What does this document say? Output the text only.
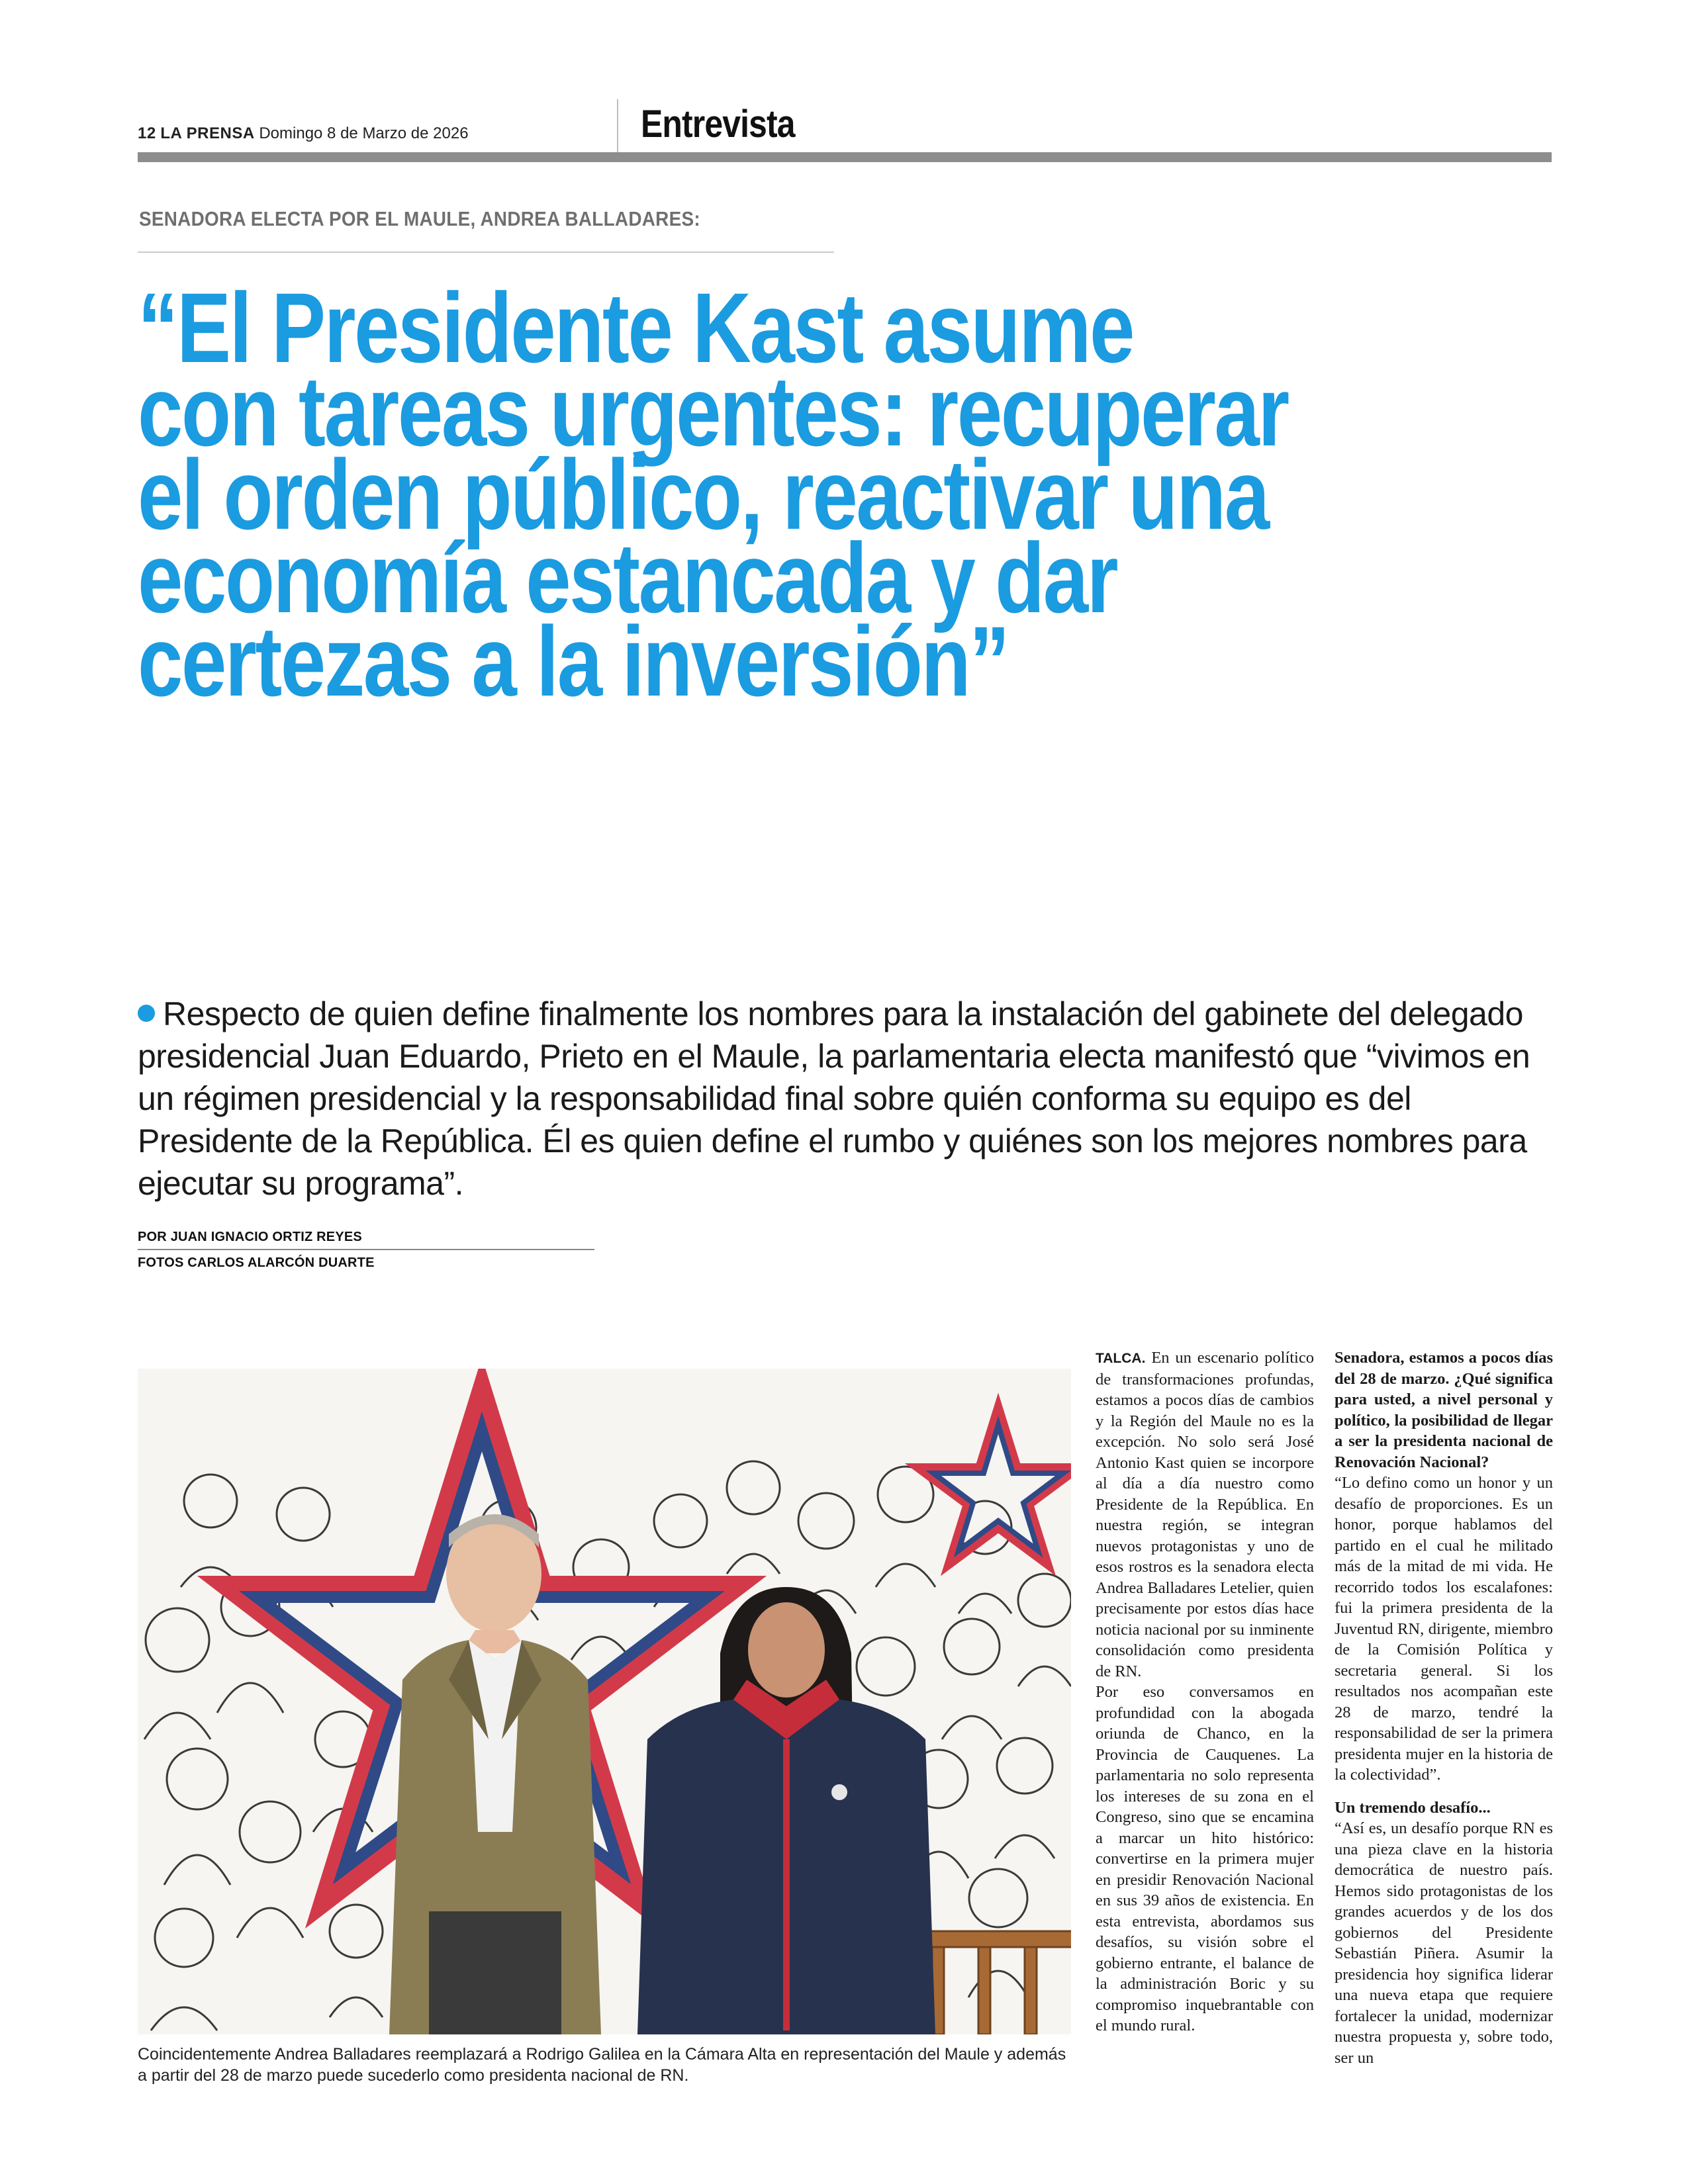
12 LA PRENSA Domingo 8 de Marzo de 2026	Entrevista
SENADORA ELECTA POR EL MAULE, ANDREA BALLADARES:
“El Presidente Kast asume
con tareas urgentes: recuperar
el orden público, reactivar una
economía estancada y dar
certezas a la inversión”

Respecto de quien define finalmente los nombres para la instalación del gabinete del delegado presidencial Juan Eduardo, Prieto en el Maule, la parlamentaria electa manifestó que “vivimos en un régimen presidencial y la responsabilidad final sobre quién conforma su equipo es del Presidente de la República. Él es quien define el rumbo y quiénes son los mejores nombres para ejecutar su programa”.

POR JUAN IGNACIO ORTIZ REYES
FOTOS CARLOS ALARCÓN DUARTE

Coincidentemente Andrea Balladares reemplazará a Rodrigo Galilea en la Cámara Alta en representación del Maule y además a partir del 28 de marzo puede sucederlo como presidenta nacional de RN.

TALCA. En un escenario político de transformaciones profundas, estamos a pocos días de cambios y la Región del Maule no es la excepción. No solo será José Antonio Kast quien se incorpore al día a día nuestro como Presidente de la República. En nuestra región, se integran nuevos protagonistas y uno de esos rostros es la senadora electa Andrea Balladares Letelier, quien precisamente por estos días hace noticia nacional por su inminente consolidación como presidenta de RN.

Por eso conversamos en profundidad con la abogada oriunda de Chanco, en la Provincia de Cauquenes. La parlamentaria no solo representa los intereses de su zona en el Congreso, sino que se encamina a marcar un hito histórico: convertirse en la primera mujer en presidir Renovación Nacional en sus 39 años de existencia. En esta entrevista, abordamos sus desafíos, su visión sobre el gobierno entrante, el balance de la administración Boric y su compromiso inquebrantable con el mundo rural.

Senadora, estamos a pocos días del 28 de marzo. ¿Qué significa para usted, a nivel personal y político, la posibilidad de llegar a ser la presidenta nacional de Renovación Nacional?

“Lo defino como un honor y un desafío de proporciones. Es un honor, porque hablamos del partido en el cual he militado más de la mitad de mi vida. He recorrido todos los escalafones: fui la primera presidenta de la Juventud RN, dirigente, miembro de la Comisión Política y secretaria general. Si los resultados nos acompañan este 28 de marzo, tendré la responsabilidad de ser la primera presidenta mujer en la historia de la colectividad”.

Un tremendo desafío...

“Así es, un desafío porque RN es una pieza clave en la historia democrática de nuestro país. Hemos sido protagonistas de los grandes acuerdos y de los dos gobiernos del Presidente Sebastián Piñera. Asumir la presidencia hoy significa liderar una nueva etapa que requiere fortalecer la unidad, modernizar nuestra propuesta y, sobre todo, ser un
